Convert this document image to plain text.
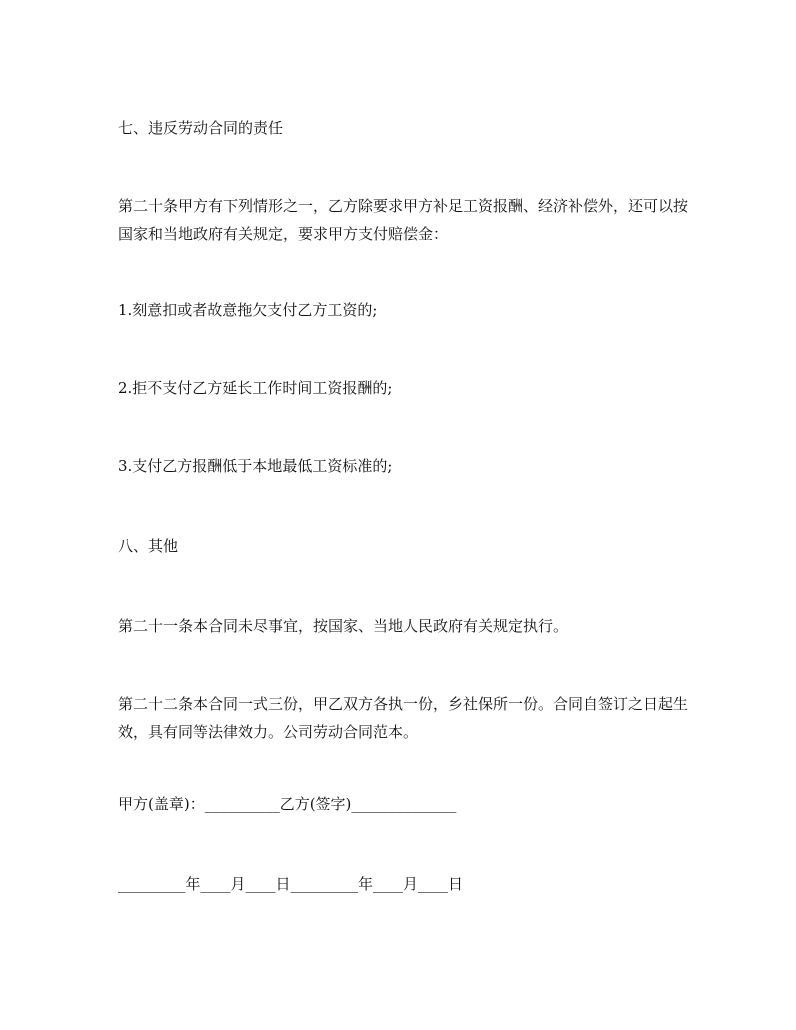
七、违反劳动合同的责任

第二十条甲方有下列情形之一，乙方除要求甲方补足工资报酬、经济补偿外，还可以按国家和当地政府有关规定，要求甲方支付赔偿金：

1.刻意扣或者故意拖欠支付乙方工资的;

2.拒不支付乙方延长工作时间工资报酬的;

3.支付乙方报酬低于本地最低工资标准的;

八、其他

第二十一条本合同未尽事宜，按国家、当地人民政府有关规定执行。

第二十二条本合同一式三份，甲乙双方各执一份，乡社保所一份。合同自签订之日起生效，具有同等法律效力。公司劳动合同范本。

甲方(盖章)：__________乙方(签字)______________

_________年____月____日_________年____月____日
